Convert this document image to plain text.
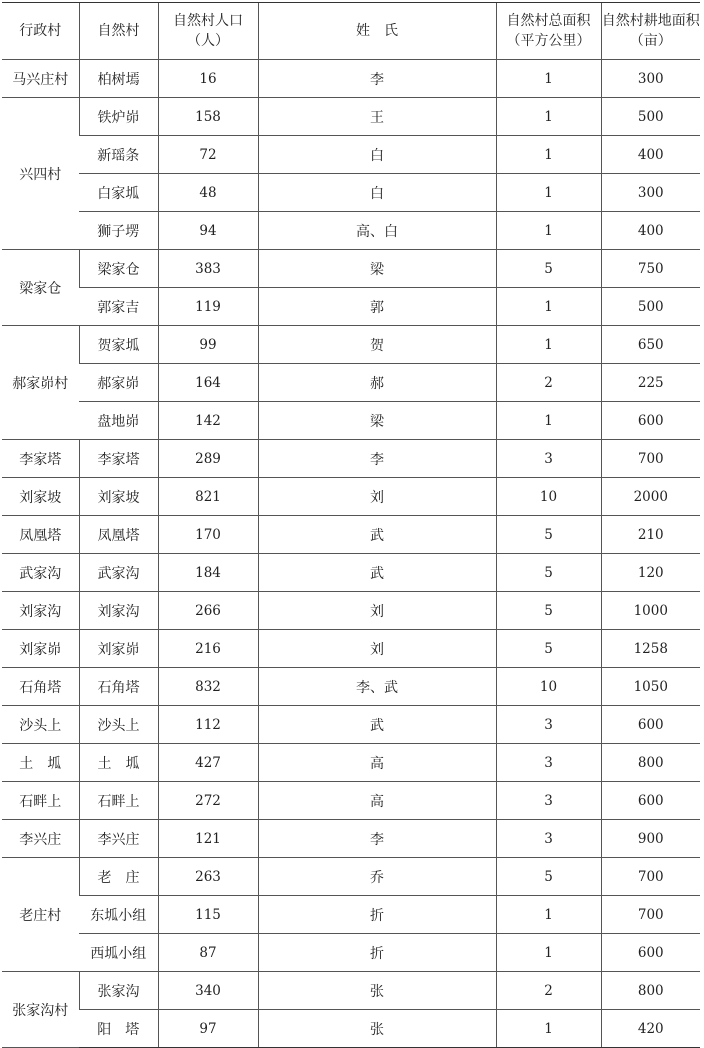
行政村	自然村	自然村人口（人）	姓　氏	自然村总面积（平方公里）	自然村耕地面积（亩）
马兴庄村	柏树墕	16	李	1	300
兴四村	铁炉峁	158	王	1	500
	新瑶条	72	白	1	400
	白家坬	48	白	1	300
	狮子塄	94	高、白	1	400
梁家仓	梁家仓	383	梁	5	750
	郭家吉	119	郭	1	500
郝家峁村	贺家坬	99	贺	1	650
	郝家峁	164	郝	2	225
	盘地峁	142	梁	1	600
李家塔	李家塔	289	李	3	700
刘家坡	刘家坡	821	刘	10	2000
凤凰塔	凤凰塔	170	武	5	210
武家沟	武家沟	184	武	5	120
刘家沟	刘家沟	266	刘	5	1000
刘家峁	刘家峁	216	刘	5	1258
石角塔	石角塔	832	李、武	10	1050
沙头上	沙头上	112	武	3	600
土　坬	土　坬	427	高	3	800
石畔上	石畔上	272	高	3	600
李兴庄	李兴庄	121	李	3	900
老庄村	老　庄	263	乔	5	700
	东坬小组	115	折	1	700
	西坬小组	87	折	1	600
张家沟村	张家沟	340	张	2	800
	阳　塔	97	张	1	420
